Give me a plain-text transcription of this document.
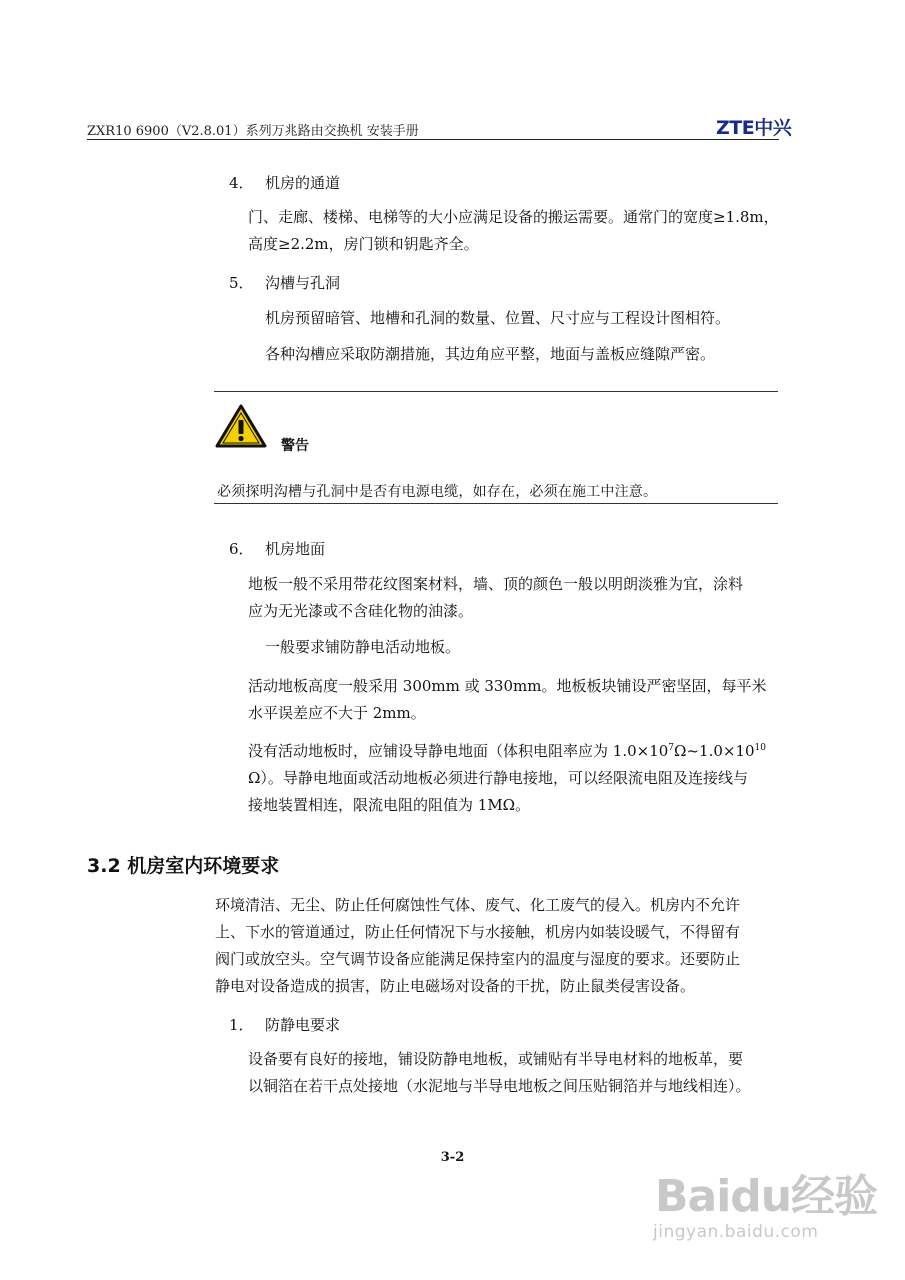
ZXR10 6900（V2.8.01）系列万兆路由交换机 安装手册	ZTE中兴
4． 机房的通道
门、走廊、楼梯、电梯等的大小应满足设备的搬运需要。通常门的宽度≥1.8m，
高度≥2.2m，房门锁和钥匙齐全。
5． 沟槽与孔洞
机房预留暗管、地槽和孔洞的数量、位置、尺寸应与工程设计图相符。
各种沟槽应采取防潮措施，其边角应平整，地面与盖板应缝隙严密。
警告
必须探明沟槽与孔洞中是否有电源电缆，如存在，必须在施工中注意。
6． 机房地面
地板一般不采用带花纹图案材料，墙、顶的颜色一般以明朗淡雅为宜，涂料
应为无光漆或不含硅化物的油漆。
一般要求铺防静电活动地板。
活动地板高度一般采用 300mm 或 330mm。地板板块铺设严密坚固，每平米
水平误差应不大于 2mm。
没有活动地板时，应铺设导静电地面（体积电阻率应为 $1.0\times 10^7\Omega\sim 1.0\times 10^{10}$
Ω）。导静电地面或活动地板必须进行静电接地，可以经限流电阻及连接线与
接地装置相连，限流电阻的阻值为 1MΩ。
3.2 机房室内环境要求
环境清洁、无尘、防止任何腐蚀性气体、废气、化工废气的侵入。机房内不允许
上、下水的管道通过，防止任何情况下与水接触，机房内如装设暖气，不得留有
阀门或放空头。空气调节设备应能满足保持室内的温度与湿度的要求。还要防止
静电对设备造成的损害，防止电磁场对设备的干扰，防止鼠类侵害设备。
1． 防静电要求
设备要有良好的接地，铺设防静电地板，或铺贴有半导电材料的地板革，要
以铜箔在若干点处接地（水泥地与半导电地板之间压贴铜箔并与地线相连）。
3-2
Baidu经验
jingyan.baidu.com
